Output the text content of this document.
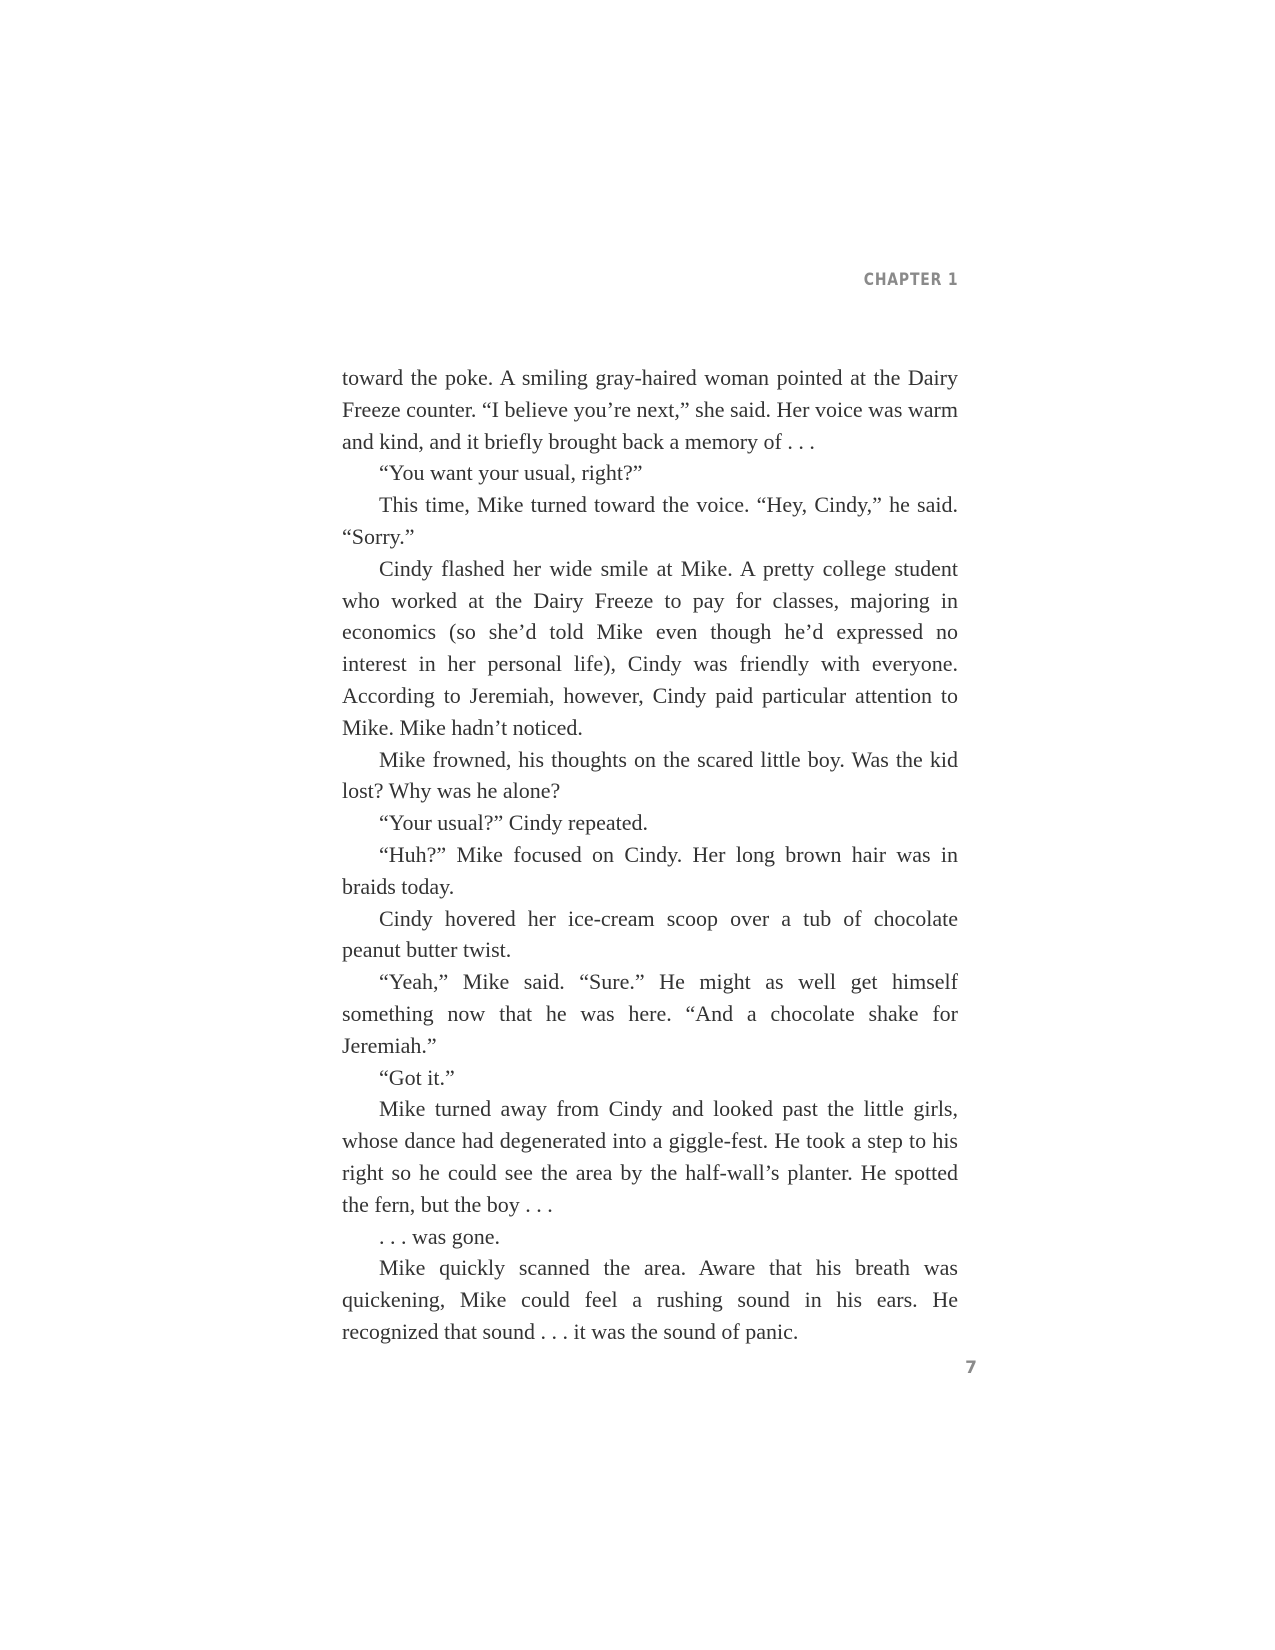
CHAPTER 1

toward the poke. A smiling gray-haired woman pointed at the Dairy Freeze counter. “I believe you’re next,” she said. Her voice was warm and kind, and it briefly brought back a memory of . . .

“You want your usual, right?”

This time, Mike turned toward the voice. “Hey, Cindy,” he said. “Sorry.”

Cindy flashed her wide smile at Mike. A pretty college student who worked at the Dairy Freeze to pay for classes, majoring in economics (so she’d told Mike even though he’d expressed no interest in her personal life), Cindy was friendly with everyone. According to Jeremiah, however, Cindy paid particular attention to Mike. Mike hadn’t noticed.

Mike frowned, his thoughts on the scared little boy. Was the kid lost? Why was he alone?

“Your usual?” Cindy repeated.

“Huh?” Mike focused on Cindy. Her long brown hair was in braids today.

Cindy hovered her ice-cream scoop over a tub of chocolate peanut butter twist.

“Yeah,” Mike said. “Sure.” He might as well get himself something now that he was here. “And a chocolate shake for Jeremiah.”

“Got it.”

Mike turned away from Cindy and looked past the little girls, whose dance had degenerated into a giggle-fest. He took a step to his right so he could see the area by the half-wall’s planter. He spotted the fern, but the boy . . .

. . . was gone.

Mike quickly scanned the area. Aware that his breath was quickening, Mike could feel a rushing sound in his ears. He recognized that sound . . . it was the sound of panic.

7
